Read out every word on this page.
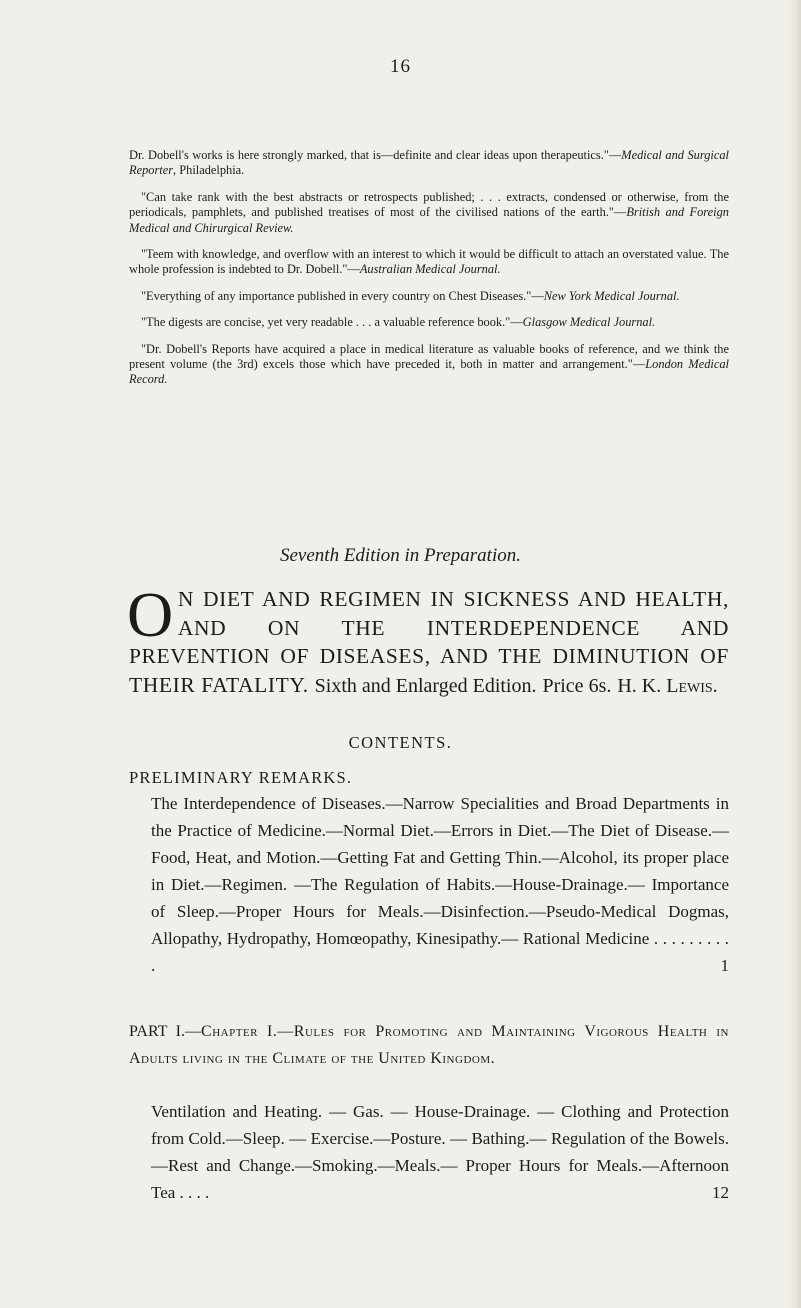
16

Dr. Dobell's works is here strongly marked, that is—definite and clear ideas upon therapeutics."—Medical and Surgical Reporter, Philadelphia.

"Can take rank with the best abstracts or retrospects published; . . . extracts, condensed or otherwise, from the periodicals, pamphlets, and published treatises of most of the civilised nations of the earth."—British and Foreign Medical and Chirurgical Review.

"Teem with knowledge, and overflow with an interest to which it would be difficult to attach an overstated value. The whole profession is indebted to Dr. Dobell."—Australian Medical Journal.

"Everything of any importance published in every country on Chest Diseases."—New York Medical Journal.

"The digests are concise, yet very readable . . . a valuable reference book."—Glasgow Medical Journal.

"Dr. Dobell's Reports have acquired a place in medical literature as valuable books of reference, and we think the present volume (the 3rd) excels those which have preceded it, both in matter and arrangement."—London Medical Record.

Seventh Edition in Preparation.
O N DIET AND REGIMEN IN SICKNESS AND HEALTH, AND ON THE INTERDEPENDENCE AND PREVENTION OF DISEASES, AND THE DIMINUTION OF THEIR FATALITY. Sixth and Enlarged Edition. Price 6s. H. K. Lewis.
CONTENTS.
PRELIMINARY REMARKS.
The Interdependence of Diseases.—Narrow Specialities and Broad Departments in the Practice of Medicine.—Normal Diet.—Errors in Diet.—The Diet of Disease.—Food, Heat, and Motion.—Getting Fat and Getting Thin.—Alcohol, its proper place in Diet.—Regimen. —The Regulation of Habits.—House-Drainage.— Importance of Sleep.—Proper Hours for Meals.—Disinfection.—Pseudo-Medical Dogmas, Allopathy, Hydropathy, Homœopathy, Kinesipathy.— Rational Medicine . . . . . . . . . .	1
PART I.—Chapter I.—Rules for Promoting and Maintaining Vigorous Health in Adults living in the Climate of the United Kingdom.
Ventilation and Heating. — Gas. — House-Drainage. — Clothing and Protection from Cold.—Sleep. — Exercise.—Posture. — Bathing.— Regulation of the Bowels.—Rest and Change.—Smoking.—Meals.— Proper Hours for Meals.—Afternoon Tea . . . .	12
